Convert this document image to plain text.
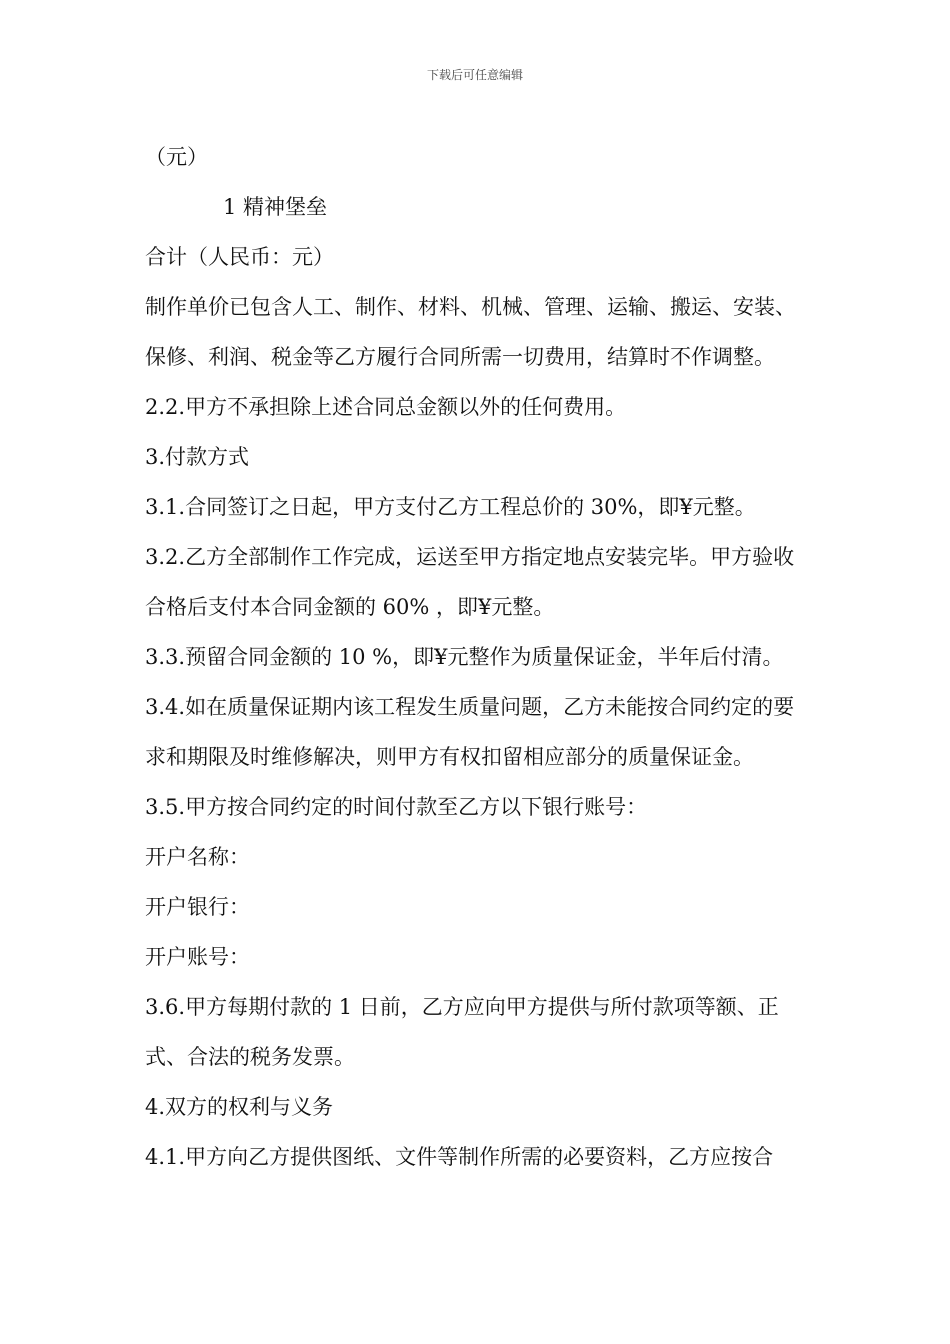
下载后可任意编辑

（元）

1 精神堡垒

合计（人民币：元）

制作单价已包含人工、制作、材料、机械、管理、运输、搬运、安装、保修、利润、税金等乙方履行合同所需一切费用，结算时不作调整。

2.2.甲方不承担除上述合同总金额以外的任何费用。

3.付款方式

3.1.合同签订之日起，甲方支付乙方工程总价的 30%，即¥元整。

3.2.乙方全部制作工作完成，运送至甲方指定地点安装完毕。甲方验收合格后支付本合同金额的 60% ，即¥元整。

3.3.预留合同金额的 10 %，即¥元整作为质量保证金，半年后付清。

3.4.如在质量保证期内该工程发生质量问题，乙方未能按合同约定的要求和期限及时维修解决，则甲方有权扣留相应部分的质量保证金。

3.5.甲方按合同约定的时间付款至乙方以下银行账号：

开户名称：

开户银行：

开户账号：

3.6.甲方每期付款的 1 日前，乙方应向甲方提供与所付款项等额、正式、合法的税务发票。

4.双方的权利与义务

4.1.甲方向乙方提供图纸、文件等制作所需的必要资料，乙方应按合
